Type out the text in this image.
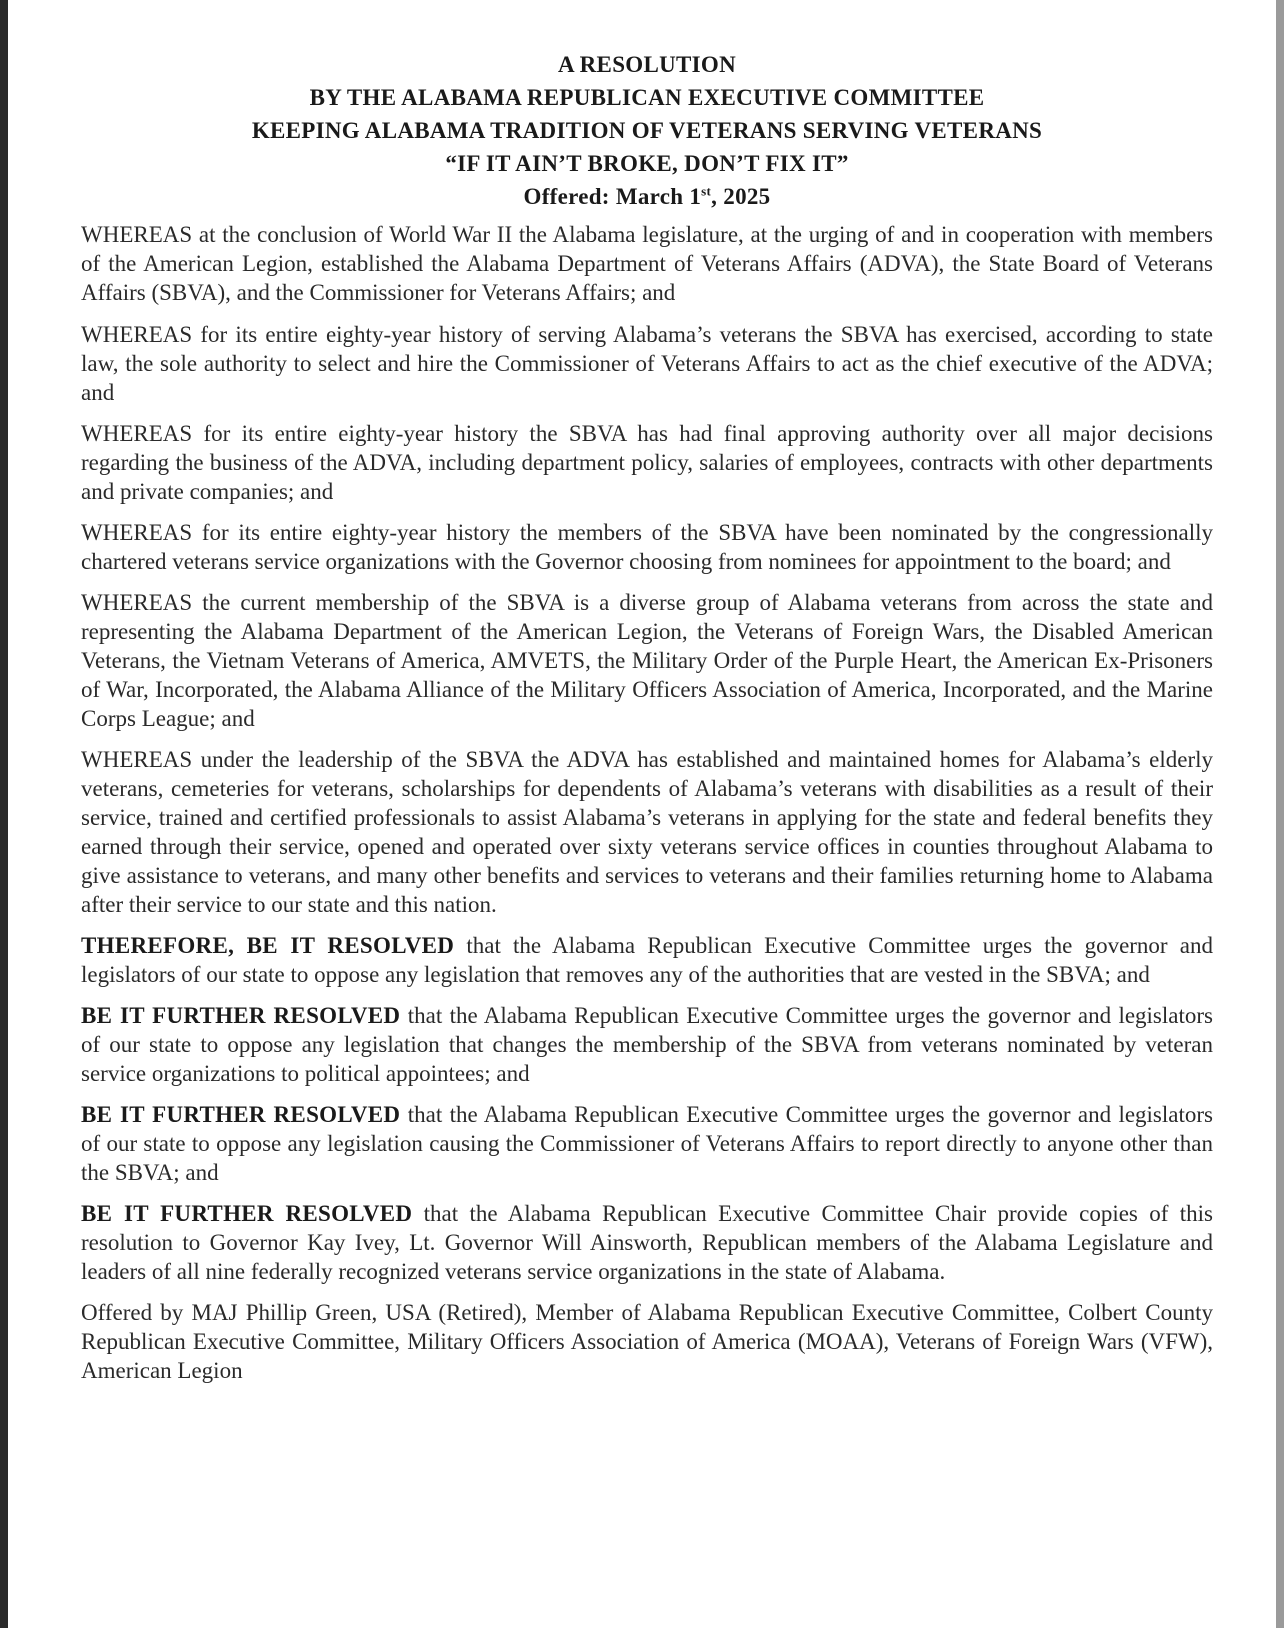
A RESOLUTION
BY THE ALABAMA REPUBLICAN EXECUTIVE COMMITTEE
KEEPING ALABAMA TRADITION OF VETERANS SERVING VETERANS
“IF IT AIN’T BROKE, DON’T FIX IT”
Offered: March 1st, 2025

WHEREAS at the conclusion of World War II the Alabama legislature, at the urging of and in cooperation with members of the American Legion, established the Alabama Department of Veterans Affairs (ADVA), the State Board of Veterans Affairs (SBVA), and the Commissioner for Veterans Affairs; and

WHEREAS for its entire eighty-year history of serving Alabama’s veterans the SBVA has exercised, according to state law, the sole authority to select and hire the Commissioner of Veterans Affairs to act as the chief executive of the ADVA; and

WHEREAS for its entire eighty-year history the SBVA has had final approving authority over all major decisions regarding the business of the ADVA, including department policy, salaries of employees, contracts with other departments and private companies; and

WHEREAS for its entire eighty-year history the members of the SBVA have been nominated by the congressionally chartered veterans service organizations with the Governor choosing from nominees for appointment to the board; and

WHEREAS the current membership of the SBVA is a diverse group of Alabama veterans from across the state and representing the Alabama Department of the American Legion, the Veterans of Foreign Wars, the Disabled American Veterans, the Vietnam Veterans of America, AMVETS, the Military Order of the Purple Heart, the American Ex-Prisoners of War, Incorporated, the Alabama Alliance of the Military Officers Association of America, Incorporated, and the Marine Corps League; and

WHEREAS under the leadership of the SBVA the ADVA has established and maintained homes for Alabama’s elderly veterans, cemeteries for veterans, scholarships for dependents of Alabama’s veterans with disabilities as a result of their service, trained and certified professionals to assist Alabama’s veterans in applying for the state and federal benefits they earned through their service, opened and operated over sixty veterans service offices in counties throughout Alabama to give assistance to veterans, and many other benefits and services to veterans and their families returning home to Alabama after their service to our state and this nation.

THEREFORE, BE IT RESOLVED that the Alabama Republican Executive Committee urges the governor and legislators of our state to oppose any legislation that removes any of the authorities that are vested in the SBVA; and

BE IT FURTHER RESOLVED that the Alabama Republican Executive Committee urges the governor and legislators of our state to oppose any legislation that changes the membership of the SBVA from veterans nominated by veteran service organizations to political appointees; and

BE IT FURTHER RESOLVED that the Alabama Republican Executive Committee urges the governor and legislators of our state to oppose any legislation causing the Commissioner of Veterans Affairs to report directly to anyone other than the SBVA; and

BE IT FURTHER RESOLVED that the Alabama Republican Executive Committee Chair provide copies of this resolution to Governor Kay Ivey, Lt. Governor Will Ainsworth, Republican members of the Alabama Legislature and leaders of all nine federally recognized veterans service organizations in the state of Alabama.

Offered by MAJ Phillip Green, USA (Retired), Member of Alabama Republican Executive Committee, Colbert County Republican Executive Committee, Military Officers Association of America (MOAA), Veterans of Foreign Wars (VFW), American Legion
